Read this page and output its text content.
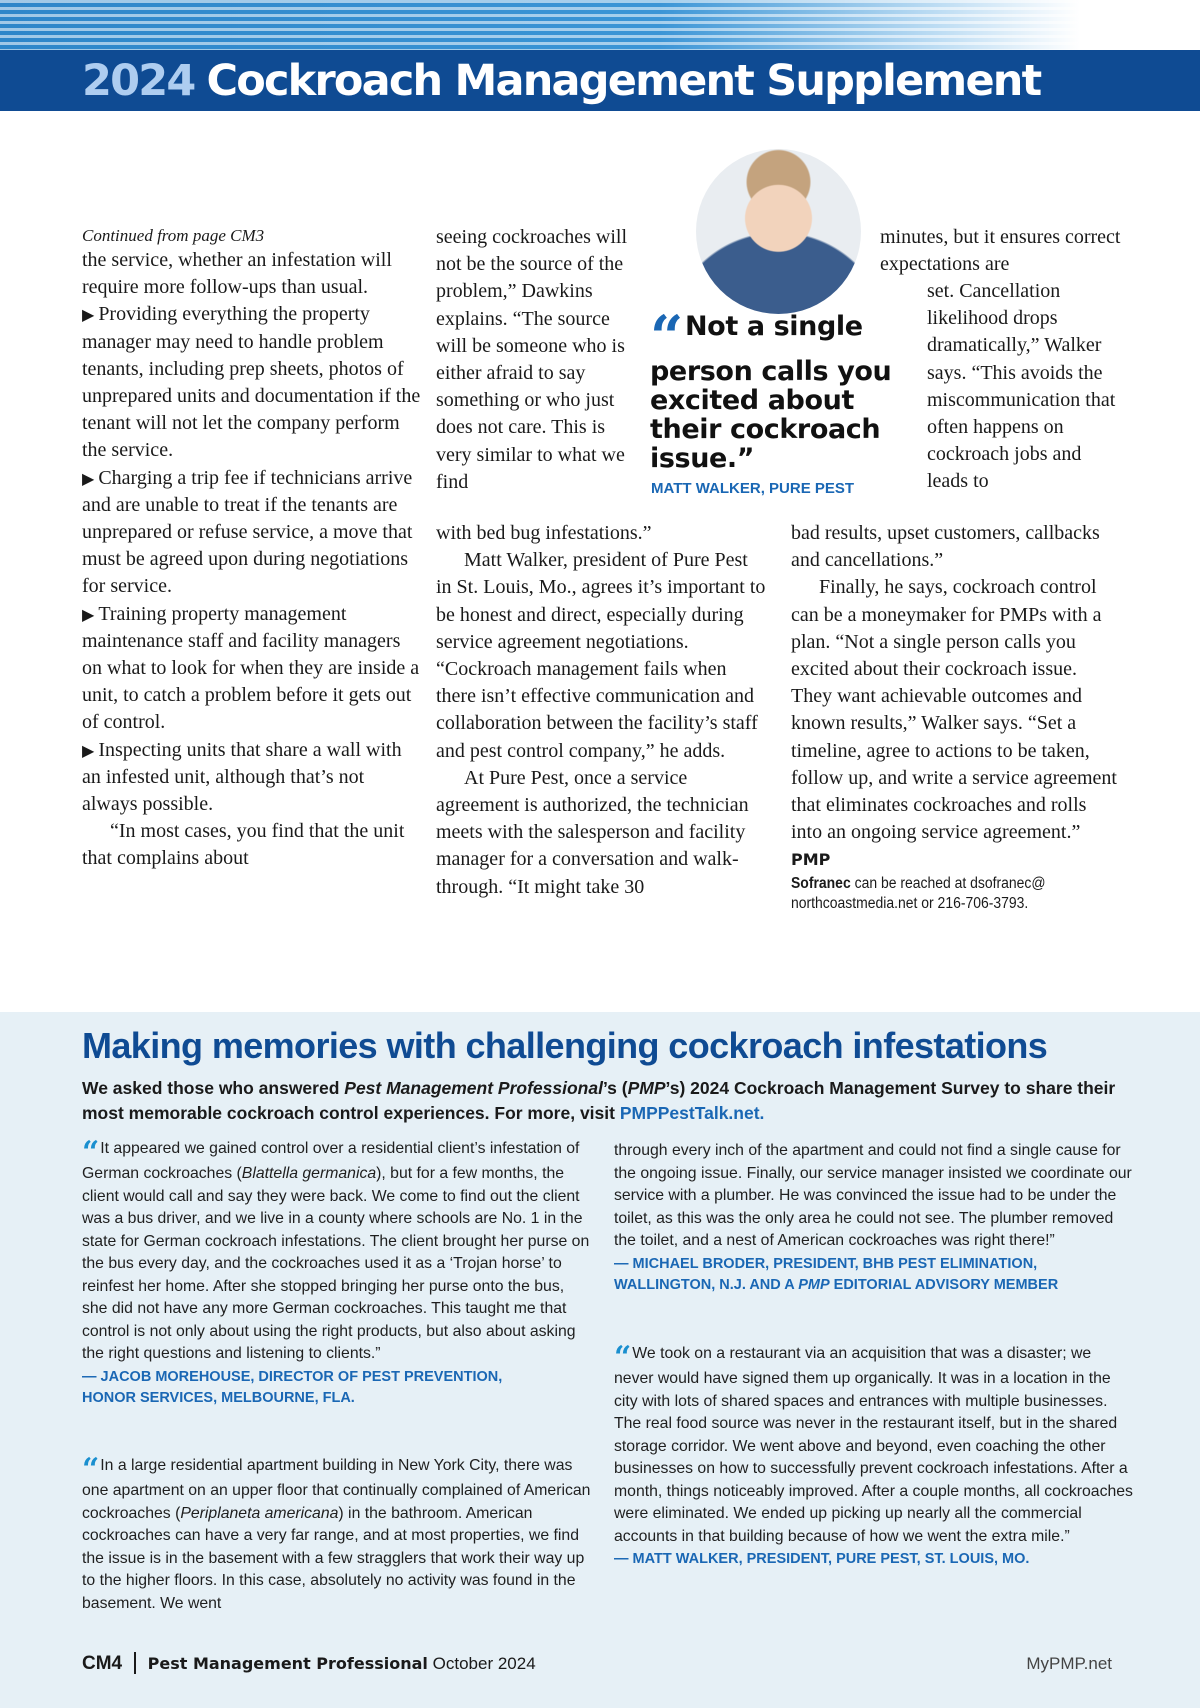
2024 Cockroach Management Supplement

Continued from page CM3

the service, whether an infestation will require more follow-ups than usual.

▶ Providing everything the property manager may need to handle problem tenants, including prep sheets, photos of unprepared units and documentation if the tenant will not let the company perform the service.

▶ Charging a trip fee if technicians arrive and are unable to treat if the tenants are unprepared or refuse service, a move that must be agreed upon during negotiations for service.

▶ Training property management maintenance staff and facility managers on what to look for when they are inside a unit, to catch a problem before it gets out of control.

▶ Inspecting units that share a wall with an infested unit, although that’s not always possible.

“In most cases, you find that the unit that complains about

seeing cockroaches will not be the source of the problem,” Dawkins explains. “The source will be someone who is either afraid to say something or who just does not care. This is very similar to what we find

with bed bug infestations.”

Matt Walker, president of Pure Pest in St. Louis, Mo., agrees it’s important to be honest and direct, especially during service agreement negotiations. “Cockroach management fails when there isn’t effective communication and collaboration between the facility’s staff and pest control company,” he adds.

At Pure Pest, once a service agreement is authorized, the technician meets with the salesperson and facility manager for a conversation and walk-through. “It might take 30

“Not a single person calls you excited about their cockroach issue.”
MATT WALKER, PURE PEST
minutes, but it ensures correct expectations are
set. Cancellation likelihood drops dramatically,” Walker says. “This avoids the miscommunication that often happens on cockroach jobs and leads to

bad results, upset customers, callbacks and cancellations.”

Finally, he says, cockroach control can be a moneymaker for PMPs with a plan. “Not a single person calls you excited about their cockroach issue. They want achievable outcomes and known results,” Walker says. “Set a timeline, agree to actions to be taken, follow up, and write a service agreement that eliminates cockroaches and rolls into an ongoing service agreement.” PMP

Sofranec can be reached at dsofranec@ northcoastmedia.net or 216-706-3793.

Making memories with challenging cockroach infestations
We asked those who answered Pest Management Professional’s (PMP’s) 2024 Cockroach Management Survey to share their most memorable cockroach control experiences. For more, visit PMPPestTalk.net.

“It appeared we gained control over a residential client’s infestation of German cockroaches (Blattella germanica), but for a few months, the client would call and say they were back. We come to find out the client was a bus driver, and we live in a county where schools are No. 1 in the state for German cockroach infestations. The client brought her purse on the bus every day, and the cockroaches used it as a ‘Trojan horse’ to reinfest her home. After she stopped bringing her purse onto the bus, she did not have any more German cockroaches. This taught me that control is not only about using the right products, but also about asking the right questions and listening to clients.”

— JACOB MOREHOUSE, DIRECTOR OF PEST PREVENTION,
HONOR SERVICES, MELBOURNE, FLA.

“In a large residential apartment building in New York City, there was one apartment on an upper floor that continually complained of American cockroaches (Periplaneta americana) in the bathroom. American cockroaches can have a very far range, and at most properties, we find the issue is in the basement with a few stragglers that work their way up to the higher floors. In this case, absolutely no activity was found in the basement. We went

through every inch of the apartment and could not find a single cause for the ongoing issue. Finally, our service manager insisted we coordinate our service with a plumber. He was convinced the issue had to be under the toilet, as this was the only area he could not see. The plumber removed the toilet, and a nest of American cockroaches was right there!”

— MICHAEL BRODER, PRESIDENT, BHB PEST ELIMINATION,
WALLINGTON, N.J. AND A PMP EDITORIAL ADVISORY MEMBER

“We took on a restaurant via an acquisition that was a disaster; we never would have signed them up organically. It was in a location in the city with lots of shared spaces and entrances with multiple businesses. The real food source was never in the restaurant itself, but in the shared storage corridor. We went above and beyond, even coaching the other businesses on how to successfully prevent cockroach infestations. After a month, things noticeably improved. After a couple months, all cockroaches were eliminated. We ended up picking up nearly all the commercial accounts in that building because of how we went the extra mile.”

— MATT WALKER, PRESIDENT, PURE PEST, ST. LOUIS, MO.

CM4 Pest Management Professional October 2024	MyPMP.net
